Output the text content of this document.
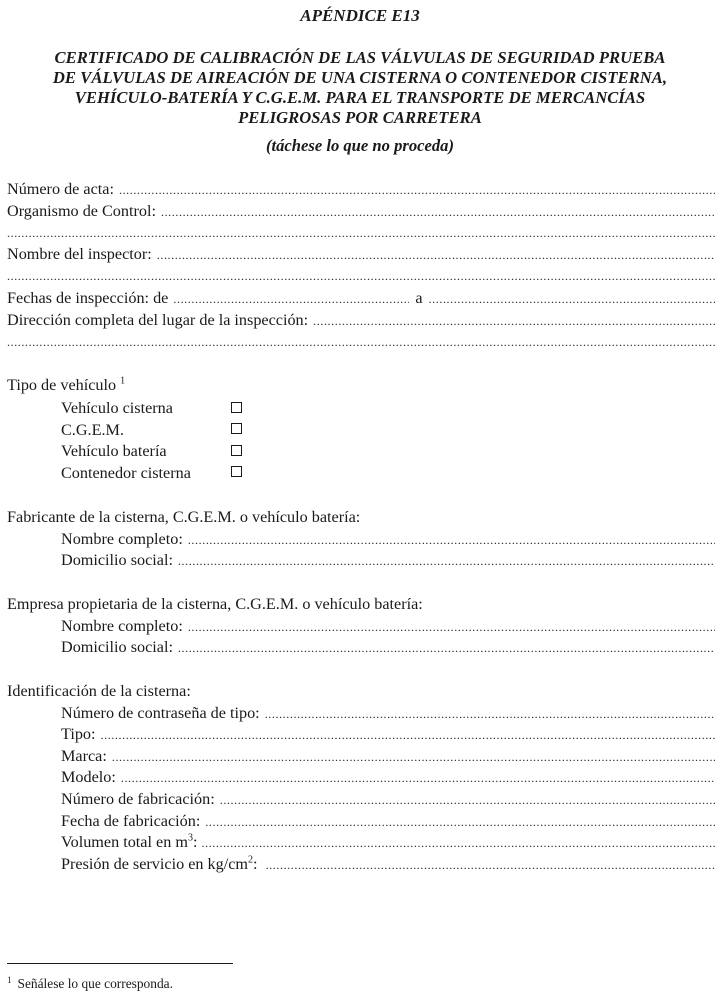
APÉNDICE E13
CERTIFICADO DE CALIBRACIÓN DE LAS VÁLVULAS DE SEGURIDAD PRUEBA
DE VÁLVULAS DE AIREACIÓN DE UNA CISTERNA O CONTENEDOR CISTERNA,
VEHÍCULO-BATERÍA Y C.G.E.M. PARA EL TRANSPORTE DE MERCANCÍAS
PELIGROSAS POR CARRETERA
(táchese lo que no proceda)
Número de acta:
.....
Organismo de Control:
.....
.....
Nombre del inspector:
.....
.....
Fechas de inspección: de
.....	a
.....
Dirección completa del lugar de la inspección:
.....
.....
Tipo de vehículo $^1$
Vehículo cisterna
C.G.E.M.
Vehículo batería
Contenedor cisterna
Fabricante de la cisterna, C.G.E.M. o vehículo batería:
Nombre completo:
.....
Domicilio social:
.....
Empresa propietaria de la cisterna, C.G.E.M. o vehículo batería:
Nombre completo:
.....
Domicilio social:
.....
Identificación de la cisterna:
Número de contraseña de tipo:
.....
Tipo:
.....
Marca:
.....
Modelo:
.....
Número de fabricación:
.....
Fecha de fabricación:
.....
Volumen total en $m^3$:
.....
Presión de servicio en $kg/cm^2$:
.....
$^1$ Señálese lo que corresponda.
